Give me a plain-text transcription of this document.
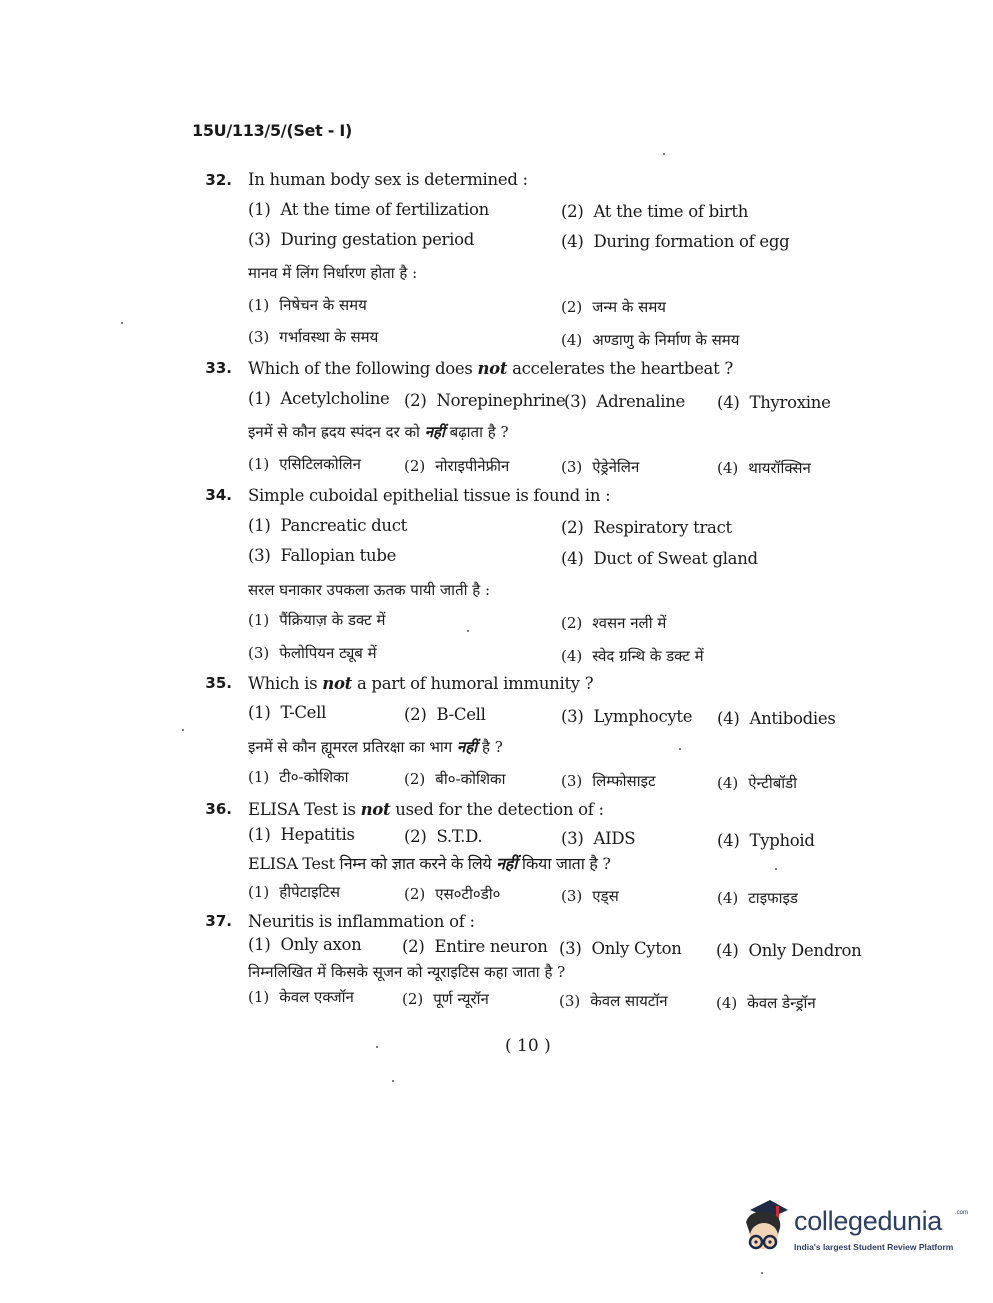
15U/113/5/(Set - I)
32. In human body sex is determined :
(1) At the time of fertilization	(2) At the time of birth
(3) During gestation period	(4) During formation of egg
मानव में लिंग निर्धारण होता है :
(1) निषेचन के समय	(2) जन्म के समय
(3) गर्भावस्था के समय	(4) अण्डाणु के निर्माण के समय
33. Which of the following does not accelerates the heartbeat ?
(1) Acetylcholine (2) Norepinephrine
(3) Adrenaline (4) Thyroxine
इनमें से कौन ह्रदय स्पंदन दर को नहीं बढ़ाता है ?
(1) एसिटिलकोलिन	(2) नोराइपीनेफ्रीन	(3) ऐड्रेनेलिन	(4) थायरॉक्सिन
34. Simple cuboidal epithelial tissue is found in :
(1) Pancreatic duct	(2) Respiratory tract
(3) Fallopian tube	(4) Duct of Sweat gland
सरल घनाकार उपकला ऊतक पायी जाती है :
(1) पैंक्रियाज़ के डक्ट में	(2) श्वसन नली में
(3) फेलोपियन ट्यूब में	(4) स्वेद ग्रन्थि के डक्ट में
35. Which is not a part of humoral immunity ?
(1) T-Cell	(2) B-Cell	(3) Lymphocyte (4) Antibodies
इनमें से कौन ह्यूमरल प्रतिरक्षा का भाग नहीं है ?
(1) टी०-कोशिका	(2) बी०-कोशिका	(3) लिम्फोसाइट	(4) ऐन्टीबॉडी
36. ELISA Test is not used for the detection of :
(1) Hepatitis	(2) S.T.D.	(3) AIDS	(4) Typhoid
ELISA Test निम्न को ज्ञात करने के लिये नहीं किया जाता है ?
(1) हीपेटाइटिस	(2) एस०टी०डी०	(3) एड्स	(4) टाइफाइड
37. Neuritis is inflammation of :
(1) Only axon (2) Entire neuron (3) Only Cyton (4) Only Dendron
निम्नलिखित में किसके सूजन को न्यूराइटिस कहा जाता है ?
(1) केवल एक्जॉन	(2) पूर्ण न्यूरॉन	(3) केवल सायटॉन	(4) केवल डेन्ड्रॉन
( 10 )
collegedunia .com
India's largest Student Review Platform
